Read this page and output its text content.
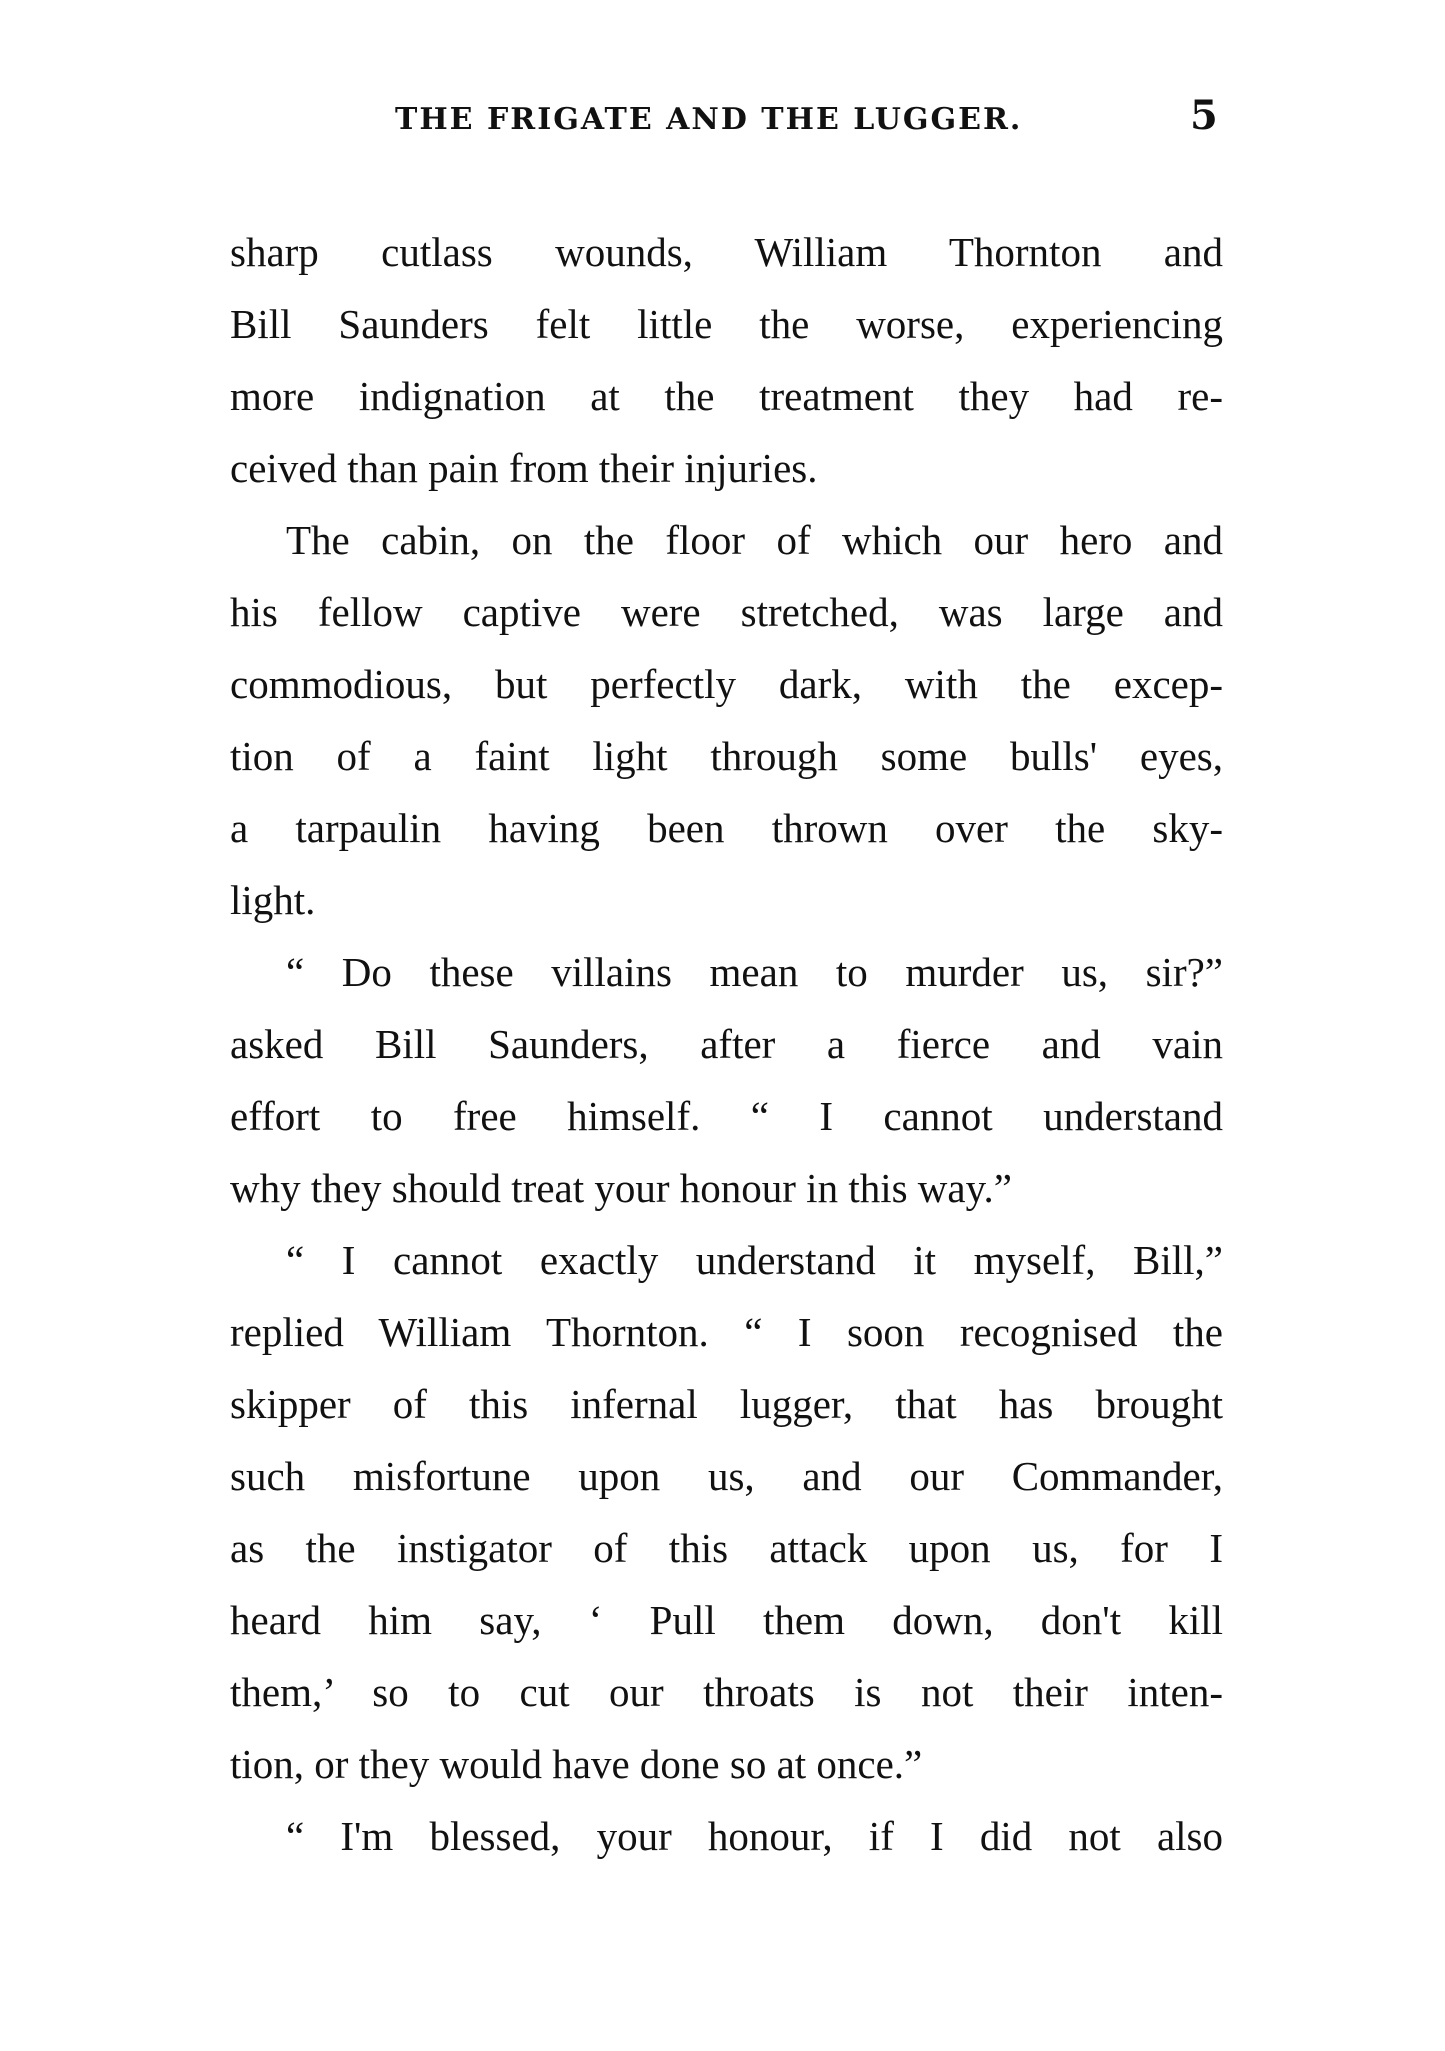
THE FRIGATE AND THE LUGGER.	5
sharp cutlass wounds, William Thornton and
Bill Saunders felt little the worse, experiencing
more indignation at the treatment they had re-
ceived than pain from their injuries.
The cabin, on the floor of which our hero and
his fellow captive were stretched, was large and
commodious, but perfectly dark, with the excep-
tion of a faint light through some bulls' eyes,
a tarpaulin having been thrown over the sky-
light.
“ Do these villains mean to murder us, sir?”
asked Bill Saunders, after a fierce and vain
effort to free himself. “ I cannot understand
why they should treat your honour in this way.”
“ I cannot exactly understand it myself, Bill,”
replied William Thornton. “ I soon recognised the
skipper of this infernal lugger, that has brought
such misfortune upon us, and our Commander,
as the instigator of this attack upon us, for I
heard him say, ‘ Pull them down, don't kill
them,’ so to cut our throats is not their inten-
tion, or they would have done so at once.”
“ I'm blessed, your honour, if I did not also
